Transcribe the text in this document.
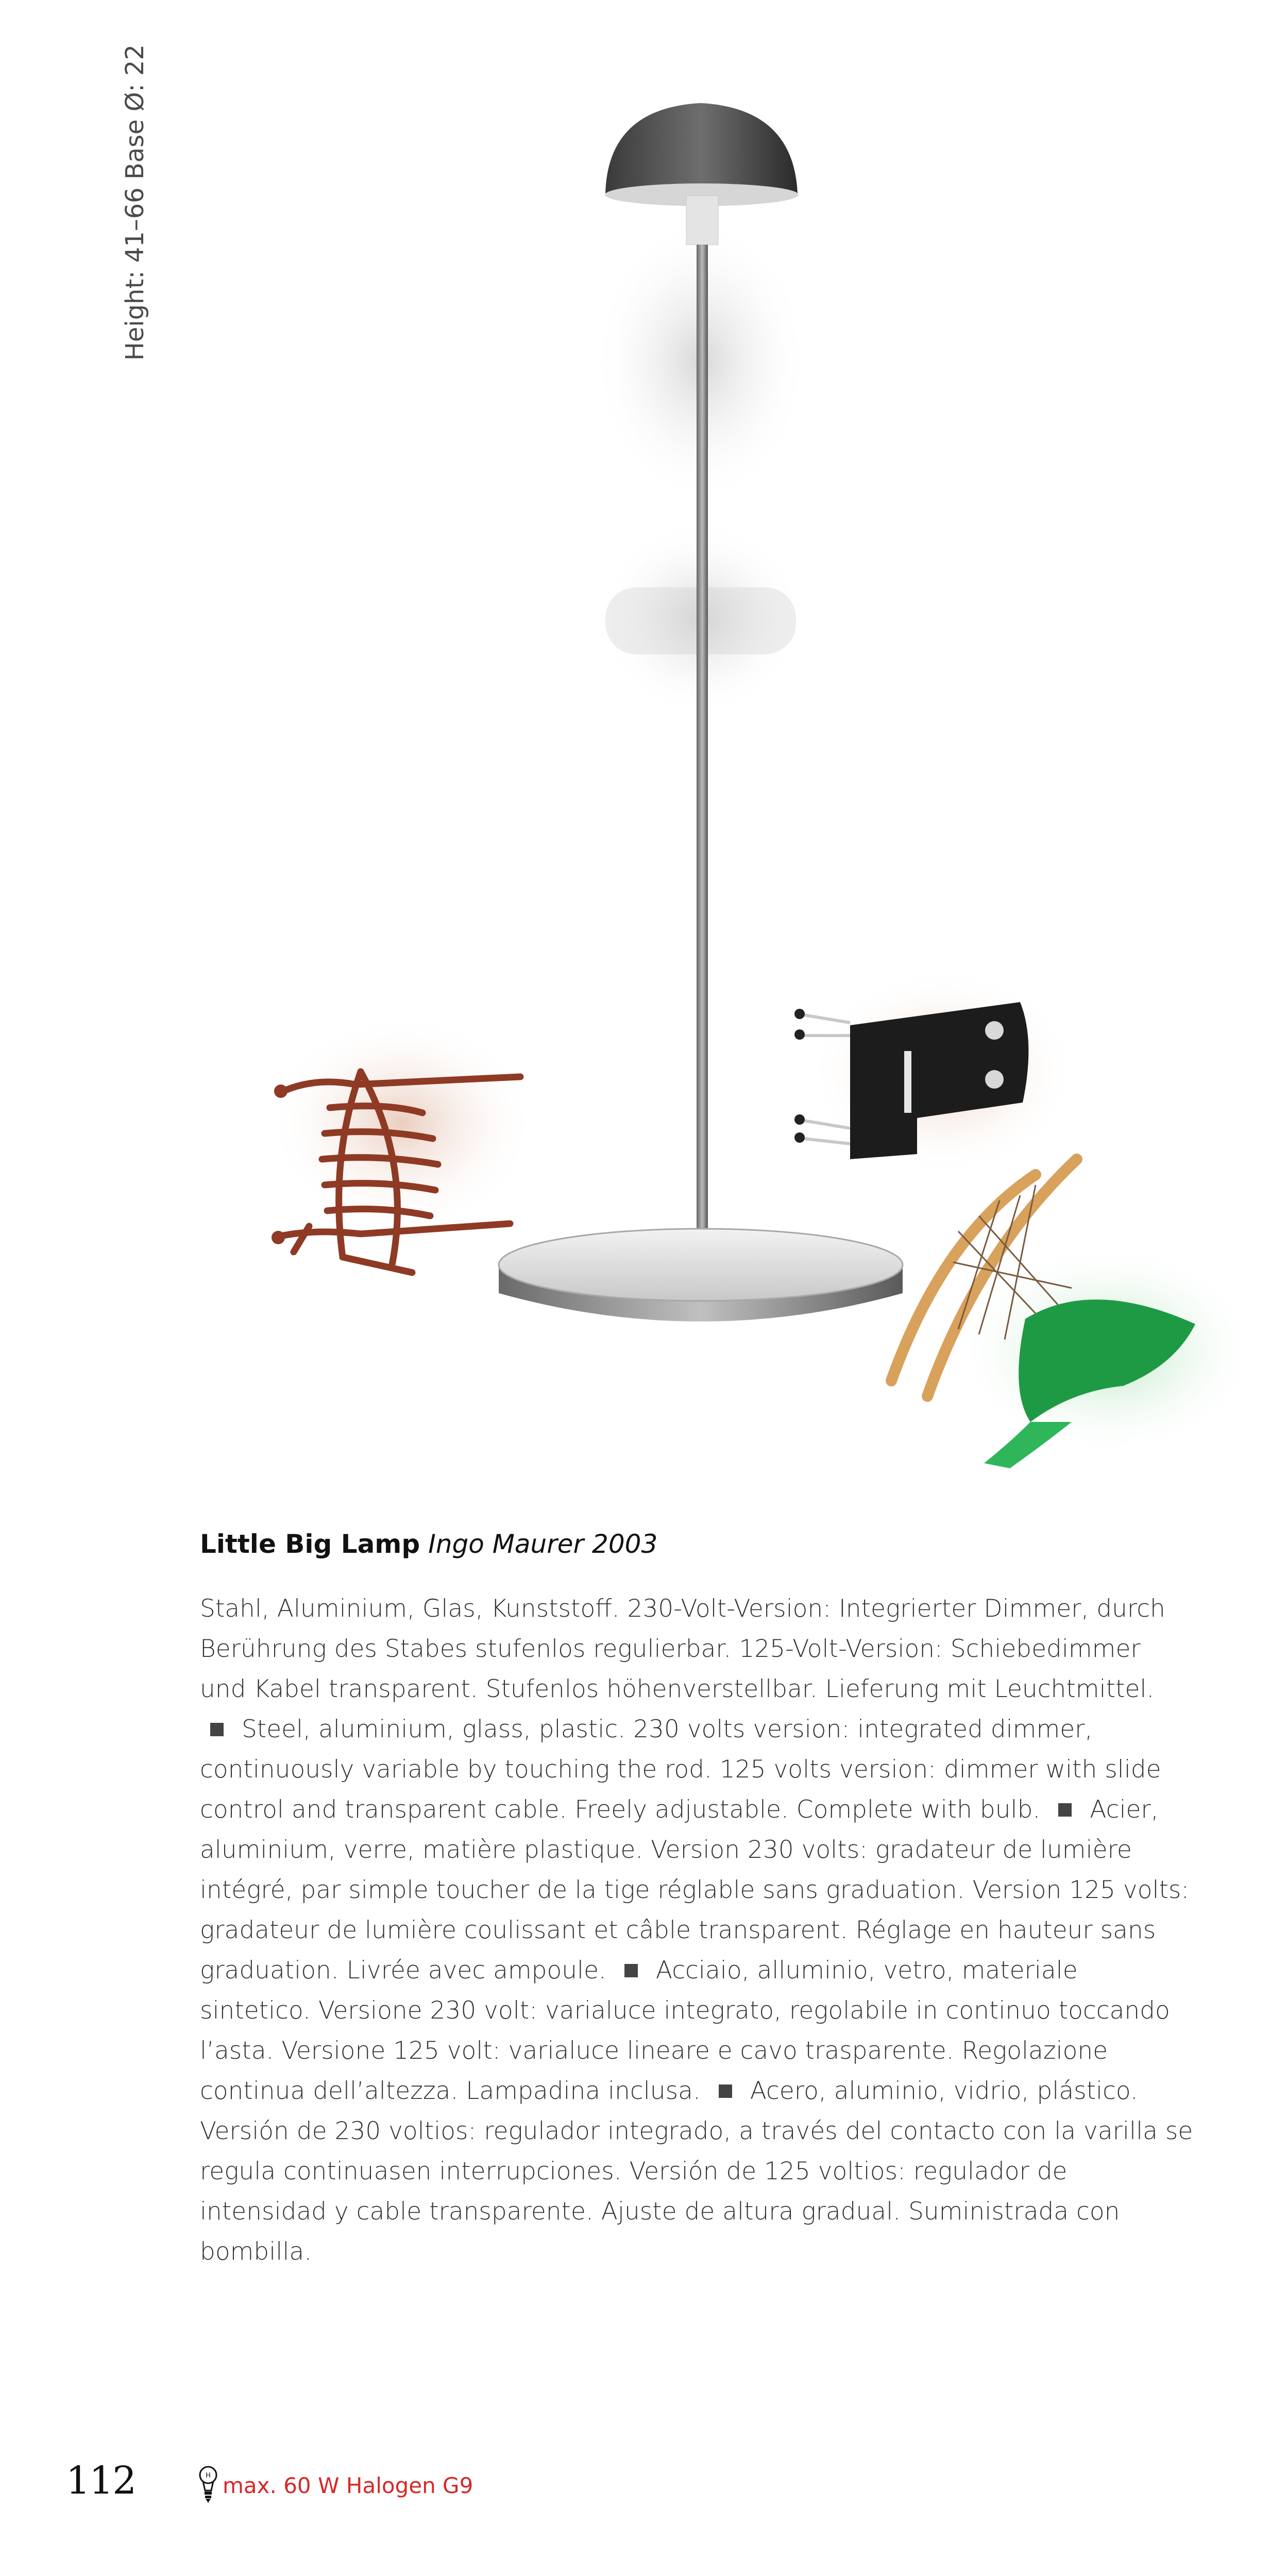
Height: 41–66 Base Ø: 22
Little Big Lamp Ingo Maurer 2003
Stahl, Aluminium, Glas, Kunststoff. 230-Volt-Version: Integrierter Dimmer, durch Berührung des Stabes stufenlos regulierbar. 125-Volt-Version: Schiebedimmer und Kabel transparent. Stufenlos höhenverstellbar. Lieferung mit Leuchtmittel.  Steel, aluminium, glass, plastic. 230 volts version: integrated dimmer, continuously variable by touching the rod. 125 volts version: dimmer with slide control and transparent cable. Freely adjustable. Complete with bulb. Acier, aluminium, verre, matière plastique. Version 230 volts: gradateur de lumière intégré, par simple toucher de la tige réglable sans graduation. Version 125 volts: gradateur de lumière coulissant et câble transparent. Réglage en hauteur sans graduation. Livrée avec ampoule. Acciaio, alluminio, vetro, materiale sintetico. Versione 230 volt: varialuce integrato, regolabile in continuo toccando l’asta. Versione 125 volt: varialuce lineare e cavo trasparente. Regolazione continua dell’altezza. Lampadina inclusa. Acero, aluminio, vidrio, plástico. Versión de 230 voltios: regulador integrado, a través del contacto con la varilla se regula continuasen interrupciones. Versión de 125 voltios: regulador de intensidad y cable transparente. Ajuste de altura gradual. Suministrada con bombilla.
112	H max. 60 W Halogen G9
